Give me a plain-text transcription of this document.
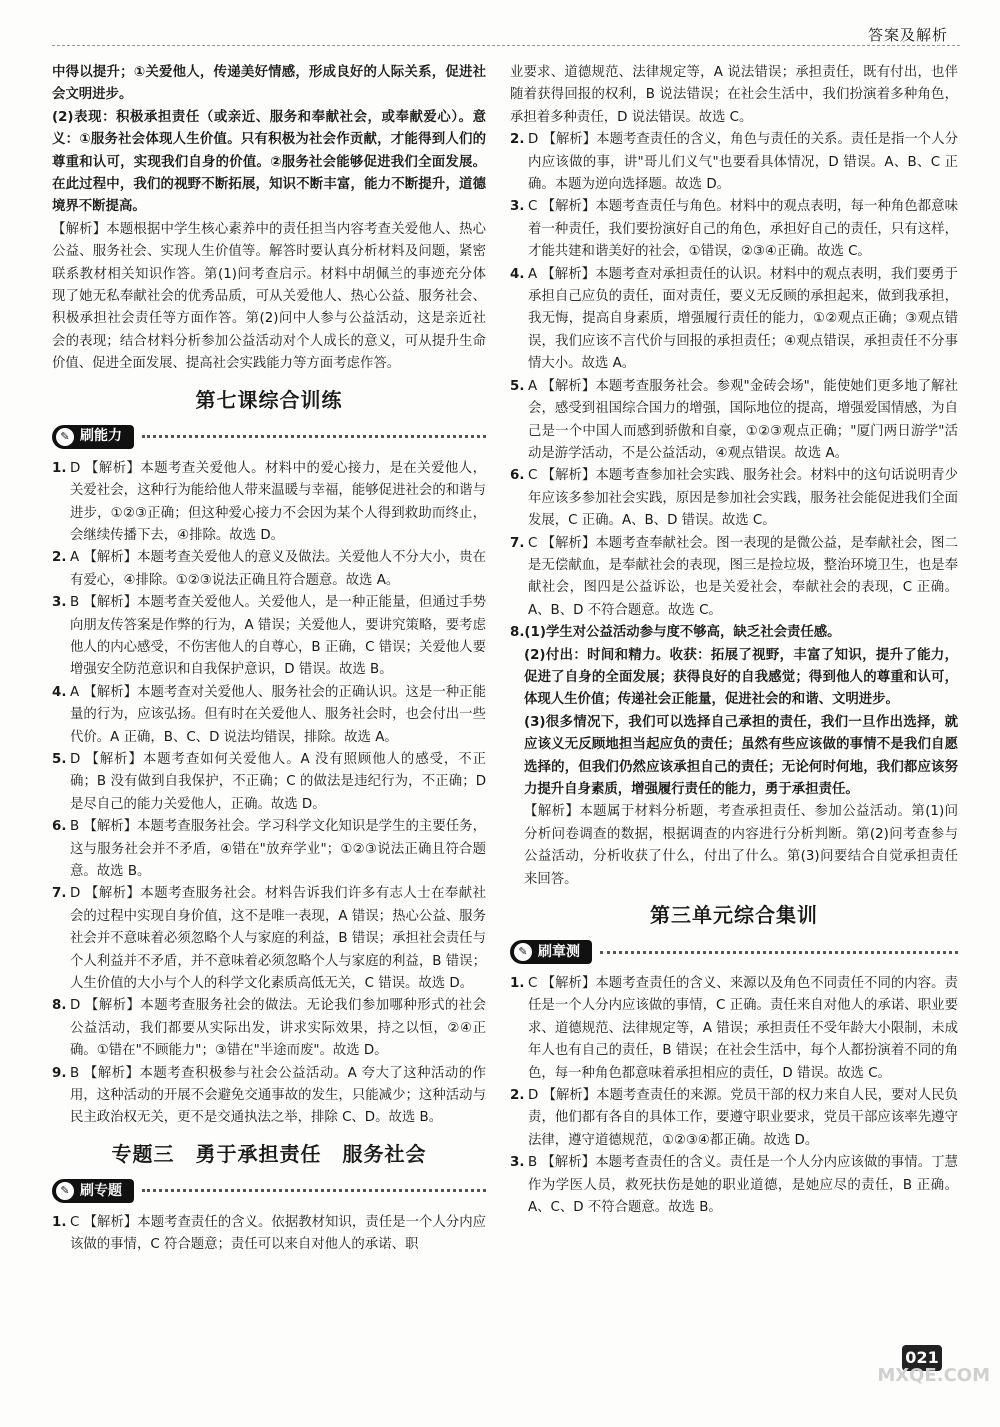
答案及解析

中得以提升；①关爱他人，传递美好情感，形成良好的人际关系，促进社会文明进步。

(2)表现：积极承担责任（或亲近、服务和奉献社会，或奉献爱心）。意义：①服务社会体现人生价值。只有积极为社会作贡献，才能得到人们的尊重和认可，实现我们自身的价值。②服务社会能够促进我们全面发展。在此过程中，我们的视野不断拓展，知识不断丰富，能力不断提升，道德境界不断提高。

【解析】本题根据中学生核心素养中的责任担当内容考查关爱他人、热心公益、服务社会、实现人生价值等。解答时要认真分析材料及问题，紧密联系教材相关知识作答。第(1)问考查启示。材料中胡佩兰的事迹充分体现了她无私奉献社会的优秀品质，可从关爱他人、热心公益、服务社会、积极承担社会责任等方面作答。第(2)问中人参与公益活动，这是亲近社会的表现；结合材料分析参加公益活动对个人成长的意义，可从提升生命价值、促进全面发展、提高社会实践能力等方面考虑作答。

第七课综合训练
✎ 刷能力
1. D 【解析】本题考查关爱他人。材料中的爱心接力，是在关爱他人，关爱社会，这种行为能给他人带来温暖与幸福，能够促进社会的和谐与进步，①②③正确；但这种爱心接力不会因为某个人得到救助而终止，会继续传播下去，④排除。故选 D。
2. A 【解析】本题考查关爱他人的意义及做法。关爱他人不分大小，贵在有爱心，④排除。①②③说法正确且符合题意。故选 A。
3. B 【解析】本题考查关爱他人。关爱他人，是一种正能量，但通过手势向朋友传答案是作弊的行为，A 错误；关爱他人，要讲究策略，要考虑他人的内心感受，不伤害他人的自尊心，B 正确，C 错误；关爱他人要增强安全防范意识和自我保护意识，D 错误。故选 B。
4. A 【解析】本题考查对关爱他人、服务社会的正确认识。这是一种正能量的行为，应该弘扬。但有时在关爱他人、服务社会时，也会付出一些代价。A 正确，B、C、D 说法均错误，排除。故选 A。
5. D 【解析】本题考查如何关爱他人。A 没有照顾他人的感受，不正确；B 没有做到自我保护，不正确；C 的做法是违纪行为，不正确；D 是尽自己的能力关爱他人，正确。故选 D。
6. B 【解析】本题考查服务社会。学习科学文化知识是学生的主要任务，这与服务社会并不矛盾，④错在"放弃学业"；①②③说法正确且符合题意。故选 B。
7. D 【解析】本题考查服务社会。材料告诉我们许多有志人士在奉献社会的过程中实现自身价值，这不是唯一表现，A 错误；热心公益、服务社会并不意味着必须忽略个人与家庭的利益，B 错误；承担社会责任与个人利益并不矛盾，并不意味着必须忽略个人与家庭的利益，B 错误；人生价值的大小与个人的科学文化素质高低无关，C 错误。故选 D。
8. D 【解析】本题考查服务社会的做法。无论我们参加哪种形式的社会公益活动，我们都要从实际出发，讲求实际效果，持之以恒，②④正确。①错在"不顾能力"；③错在"半途而废"。故选 D。
9. B 【解析】本题考查积极参与社会公益活动。A 夸大了这种活动的作用，这种活动的开展不会避免交通事故的发生，只能减少；这种活动与民主政治权无关，更不是交通执法之举，排除 C、D。故选 B。
专题三　勇于承担责任　服务社会
✎ 刷专题
1. C 【解析】本题考查责任的含义。依据教材知识，责任是一个人分内应该做的事情，C 符合题意；责任可以来自对他人的承诺、职

业要求、道德规范、法律规定等，A 说法错误；承担责任，既有付出，也伴随着获得回报的权利，B 说法错误；在社会生活中，我们扮演着多种角色，承担着多种责任，D 说法错误。故选 C。

2. D 【解析】本题考查责任的含义，角色与责任的关系。责任是指一个人分内应该做的事，讲"哥儿们义气"也要看具体情况，D 错误。A、B、C 正确。本题为逆向选择题。故选 D。
3. C 【解析】本题考查责任与角色。材料中的观点表明，每一种角色都意味着一种责任，我们要扮演好自己的角色，承担好自己的责任，只有这样，才能共建和谐美好的社会，①错误，②③④正确。故选 C。
4. A 【解析】本题考查对承担责任的认识。材料中的观点表明，我们要勇于承担自己应负的责任，面对责任，要义无反顾的承担起来，做到我承担，我无悔，提高自身素质，增强履行责任的能力，①②观点正确；③观点错误，我们应该不言代价与回报的承担责任；④观点错误，承担责任不分事情大小。故选 A。
5. A 【解析】本题考查服务社会。参观"金砖会场"，能使她们更多地了解社会，感受到祖国综合国力的增强，国际地位的提高，增强爱国情感，为自己是一个中国人而感到骄傲和自豪，①②③观点正确；"厦门两日游学"活动是游学活动，不是公益活动，④观点错误。故选 A。
6. C 【解析】本题考查参加社会实践、服务社会。材料中的这句话说明青少年应该多参加社会实践，原因是参加社会实践，服务社会能促进我们全面发展，C 正确。A、B、D 错误。故选 C。
7. C 【解析】本题考查奉献社会。图一表现的是微公益，是奉献社会，图二是无偿献血，是奉献社会的表现，图三是捡垃圾，整治环境卫生，也是奉献社会，图四是公益诉讼，也是关爱社会，奉献社会的表现，C 正确。A、B、D 不符合题意。故选 C。

8.(1)学生对公益活动参与度不够高，缺乏社会责任感。

(2)付出：时间和精力。收获：拓展了视野，丰富了知识，提升了能力，促进了自身的全面发展；获得良好的自我感觉；得到他人的尊重和认可，体现人生价值；传递社会正能量，促进社会的和谐、文明进步。

(3)很多情况下，我们可以选择自己承担的责任，我们一旦作出选择，就应该义无反顾地担当起应负的责任；虽然有些应该做的事情不是我们自愿选择的，但我们仍然应该承担自己的责任；无论何时何地，我们都应该努力提升自身素质，增强履行责任的能力，勇于承担责任。

【解析】本题属于材料分析题，考查承担责任、参加公益活动。第(1)问分析问卷调查的数据，根据调查的内容进行分析判断。第(2)问考查参与公益活动，分析收获了什么，付出了什么。第(3)问要结合自觉承担责任来回答。

第三单元综合集训
✎ 刷章测
1. C 【解析】本题考查责任的含义、来源以及角色不同责任不同的内容。责任是一个人分内应该做的事情，C 正确。责任来自对他人的承诺、职业要求、道德规范、法律规定等，A 错误；承担责任不受年龄大小限制，未成年人也有自己的责任，B 错误；在社会生活中，每个人都扮演着不同的角色，每一种角色都意味着承担相应的责任，D 错误。故选 C。
2. D 【解析】本题考查责任的来源。党员干部的权力来自人民，要对人民负责，他们都有各自的具体工作，要遵守职业要求，党员干部应该率先遵守法律，遵守道德规范，①②③④都正确。故选 D。
3. B 【解析】本题考查责任的含义。责任是一个人分内应该做的事情。丁慧作为学医人员，救死扶伤是她的职业道德，是她应尽的责任，B 正确。A、C、D 不符合题意。故选 B。
021
MXQE.COM
